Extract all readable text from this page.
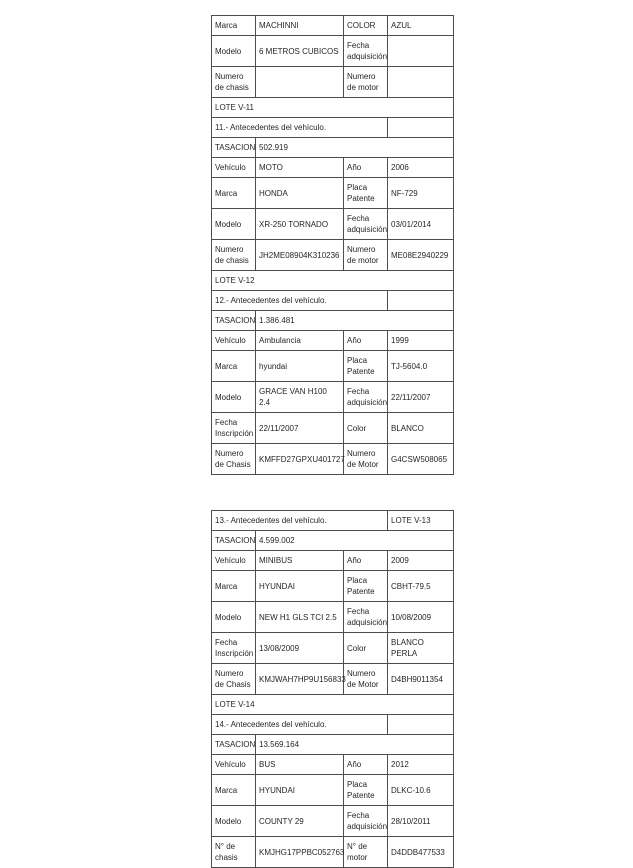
Marca	MACHINNI	COLOR	AZUL
Modelo	6 METROS CUBICOS	Fecha adquisición	
Numero de chasis		Numero de motor	
LOTE V-11			
11.- Antecedentes del vehículo.			
TASACION	502.919		
Vehículo	MOTO	Año	2006
Marca	HONDA	Placa Patente	NF-729
Modelo	XR-250 TORNADO	Fecha adquisición	03/01/2014
Numero de chasis	JH2ME08904K310236	Numero de motor	ME08E2940229
LOTE V-12			
12.- Antecedentes del vehículo.			
TASACION	1.386.481		
Vehículo	Ambulancia	Año	1999
Marca	hyundai	Placa Patente	TJ-5604.0
Modelo	GRACE VAN H100 2.4	Fecha adquisición	22/11/2007
Fecha Inscripción	22/11/2007	Color	BLANCO
Numero de Chasis	KMFFD27GPXU401727	Numero de Motor	G4CSW508065
13.- Antecedentes del vehículo.			LOTE V-13
TASACION	4.599.002		
Vehículo	MINIBUS	Año	2009
Marca	HYUNDAI	Placa Patente	CBHT-79.5
Modelo	NEW H1 GLS TCI 2.5	Fecha adquisición	10/08/2009
Fecha Inscripción	13/08/2009	Color	BLANCO PERLA
Numero de Chasis	KMJWAH7HP9U156833	Numero de Motor	D4BH9011354
LOTE V-14			
14.- Antecedentes del vehículo.			
TASACION	13.569.164		
Vehículo	BUS	Año	2012
Marca	HYUNDAI	Placa Patente	DLKC-10.6
Modelo	COUNTY 29	Fecha adquisición	28/10/2011
N° de chasis	KMJHG17PPBC052763	N° de motor	D4DDB477533
